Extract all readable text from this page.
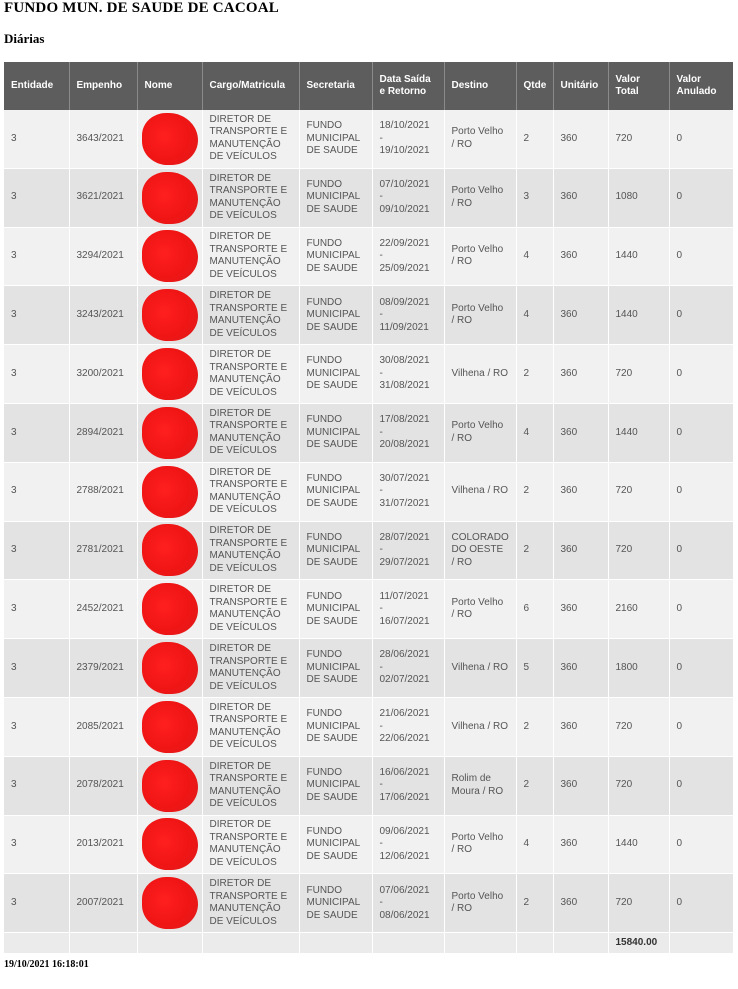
FUNDO MUN. DE SAUDE DE CACOAL
Diárias
Entidade	Empenho	Nome	Cargo/Matricula	Secretaria	Data Saída e Retorno	Destino	Qtde	Unitário	Valor Total	Valor Anulado
3	3643/2021		DIRETOR DE TRANSPORTE E MANUTENÇÃO DE VEÍCULOS	FUNDO MUNICIPAL DE SAUDE	18/10/2021
-
19/10/2021	Porto Velho / RO	2	360	720	0
3	3621/2021		DIRETOR DE TRANSPORTE E MANUTENÇÃO DE VEÍCULOS	FUNDO MUNICIPAL DE SAUDE	07/10/2021
-
09/10/2021	Porto Velho / RO	3	360	1080	0
3	3294/2021		DIRETOR DE TRANSPORTE E MANUTENÇÃO DE VEÍCULOS	FUNDO MUNICIPAL DE SAUDE	22/09/2021
-
25/09/2021	Porto Velho / RO	4	360	1440	0
3	3243/2021		DIRETOR DE TRANSPORTE E MANUTENÇÃO DE VEÍCULOS	FUNDO MUNICIPAL DE SAUDE	08/09/2021
-
11/09/2021	Porto Velho / RO	4	360	1440	0
3	3200/2021		DIRETOR DE TRANSPORTE E MANUTENÇÃO DE VEÍCULOS	FUNDO MUNICIPAL DE SAUDE	30/08/2021
-
31/08/2021	Vilhena / RO	2	360	720	0
3	2894/2021		DIRETOR DE TRANSPORTE E MANUTENÇÃO DE VEÍCULOS	FUNDO MUNICIPAL DE SAUDE	17/08/2021
-
20/08/2021	Porto Velho / RO	4	360	1440	0
3	2788/2021		DIRETOR DE TRANSPORTE E MANUTENÇÃO DE VEÍCULOS	FUNDO MUNICIPAL DE SAUDE	30/07/2021
-
31/07/2021	Vilhena / RO	2	360	720	0
3	2781/2021		DIRETOR DE TRANSPORTE E MANUTENÇÃO DE VEÍCULOS	FUNDO MUNICIPAL DE SAUDE	28/07/2021
-
29/07/2021	COLORADO DO OESTE / RO	2	360	720	0
3	2452/2021		DIRETOR DE TRANSPORTE E MANUTENÇÃO DE VEÍCULOS	FUNDO MUNICIPAL DE SAUDE	11/07/2021
-
16/07/2021	Porto Velho / RO	6	360	2160	0
3	2379/2021		DIRETOR DE TRANSPORTE E MANUTENÇÃO DE VEÍCULOS	FUNDO MUNICIPAL DE SAUDE	28/06/2021
-
02/07/2021	Vilhena / RO	5	360	1800	0
3	2085/2021		DIRETOR DE TRANSPORTE E MANUTENÇÃO DE VEÍCULOS	FUNDO MUNICIPAL DE SAUDE	21/06/2021
-
22/06/2021	Vilhena / RO	2	360	720	0
3	2078/2021		DIRETOR DE TRANSPORTE E MANUTENÇÃO DE VEÍCULOS	FUNDO MUNICIPAL DE SAUDE	16/06/2021
-
17/06/2021	Rolim de Moura / RO	2	360	720	0
3	2013/2021		DIRETOR DE TRANSPORTE E MANUTENÇÃO DE VEÍCULOS	FUNDO MUNICIPAL DE SAUDE	09/06/2021
-
12/06/2021	Porto Velho / RO	4	360	1440	0
3	2007/2021		DIRETOR DE TRANSPORTE E MANUTENÇÃO DE VEÍCULOS	FUNDO MUNICIPAL DE SAUDE	07/06/2021
-
08/06/2021	Porto Velho / RO	2	360	720	0
									15840.00	
19/10/2021 16:18:01
